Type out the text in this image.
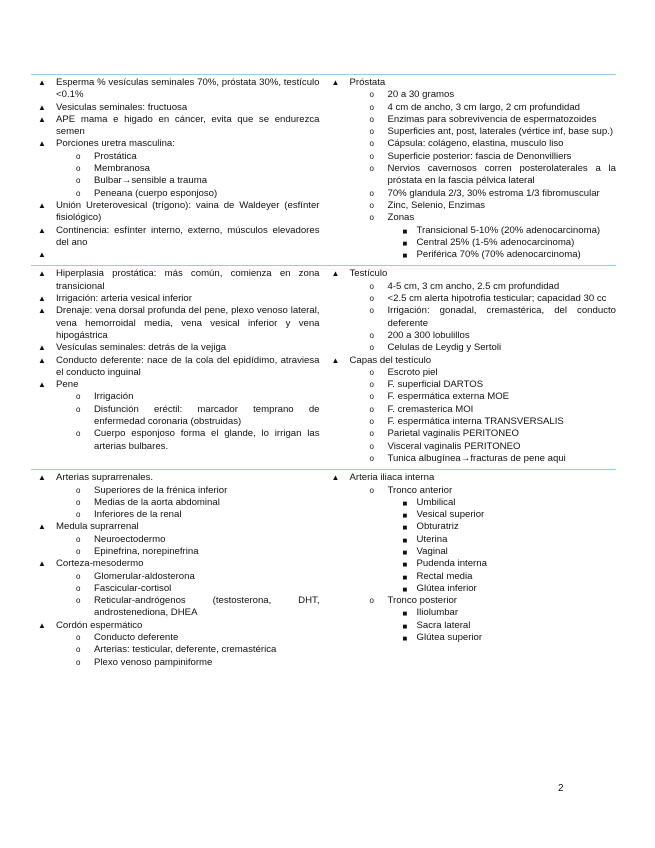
▲ Esperma % vesículas seminales 70%, próstata 30%, testículo <0.1%
▲ Vesiculas seminales: fructuosa
▲ APE mama e higado en cáncer, evita que se endurezca semen
▲ Porciones uretra masculina:
o Prostática
o Membranosa
o Bulbar→sensible a trauma
o Peneana (cuerpo esponjoso)
▲ Unión Ureterovesical (trígono): vaina de Waldeyer (esfínter fisiológico)
▲ Continencia: esfínter interno, externo, músculos elevadores del ano
▲
▲ Próstata
o 20 a 30 gramos
o 4 cm de ancho, 3 cm largo, 2 cm profundidad
o Enzimas para sobrevivencia de espermatozoides
o Superficies ant, post, laterales (vértice inf, base sup.)
o Cápsula: colágeno, elastina, musculo liso
o Superficie posterior: fascia de Denonvilliers
o Nervios cavernosos corren posterolaterales a la próstata en la fascia pélvica lateral
o 70% glandula 2/3, 30% estroma 1/3 fibromuscular
o Zinc, Selenio, Enzimas
o Zonas
■ Transicional 5-10% (20% adenocarcinoma)
■ Central 25% (1-5% adenocarcinoma)
■ Periférica 70% (70% adenocarcinoma)
▲ Hiperplasia prostática: más común, comienza en zona transicional
▲ Irrigación: arteria vesical inferior
▲ Drenaje: vena dorsal profunda del pene, plexo venoso lateral, vena hemorroidal media, vena vesical inferior y vena hipogástrica
▲ Vesículas seminales: detrás de la vejiga
▲ Conducto deferente: nace de la cola del epidídimo, atraviesa el conducto inguinal
▲ Pene
o Irrigación
o Disfunción eréctil: marcador temprano de enfermedad coronaria (obstruidas)
o Cuerpo esponjoso forma el glande, lo irrigan las arterias bulbares.
▲ Testículo
o 4-5 cm, 3 cm ancho, 2.5 cm profundidad
o <2.5 cm alerta hipotrofia testicular; capacidad 30 cc
o Irrigación: gonadal, cremastérica, del conducto deferente
o 200 a 300 lobulillos
o Celulas de Leydig y Sertoli
▲ Capas del testículo
o Escroto piel
o F. superficial DARTOS
o F. espermática externa MOE
o F. cremasterica MOI
o F. espermática interna TRANSVERSALIS
o Parietal vaginalis PERITONEO
o Visceral vaginalis PERITONEO
o Tunica albugínea→fracturas de pene aqui
▲ Arterias suprarrenales.
o Superiores de la frénica inferior
o Medias de la aorta abdominal
o Inferiores de la renal
▲ Medula suprarrenal
o Neuroectodermo
o Epinefrina, norepinefrina
▲ Corteza-mesodermo
o Glomerular-aldosterona
o Fascicular-cortisol
o Reticular-andrógenos (testosterona, DHT, androstenediona, DHEA
▲ Cordón espermático
o Conducto deferente
o Arterias: testicular, deferente, cremastérica
o Plexo venoso pampiniforme
▲ Arteria iliaca interna
o Tronco anterior
■ Umbilical
■ Vesical superior
■ Obturatriz
■ Uterina
■ Vaginal
■ Pudenda interna
■ Rectal media
■ Glútea inferior
o Tronco posterior
■ Iliolumbar
■ Sacra lateral
■ Glútea superior
2
